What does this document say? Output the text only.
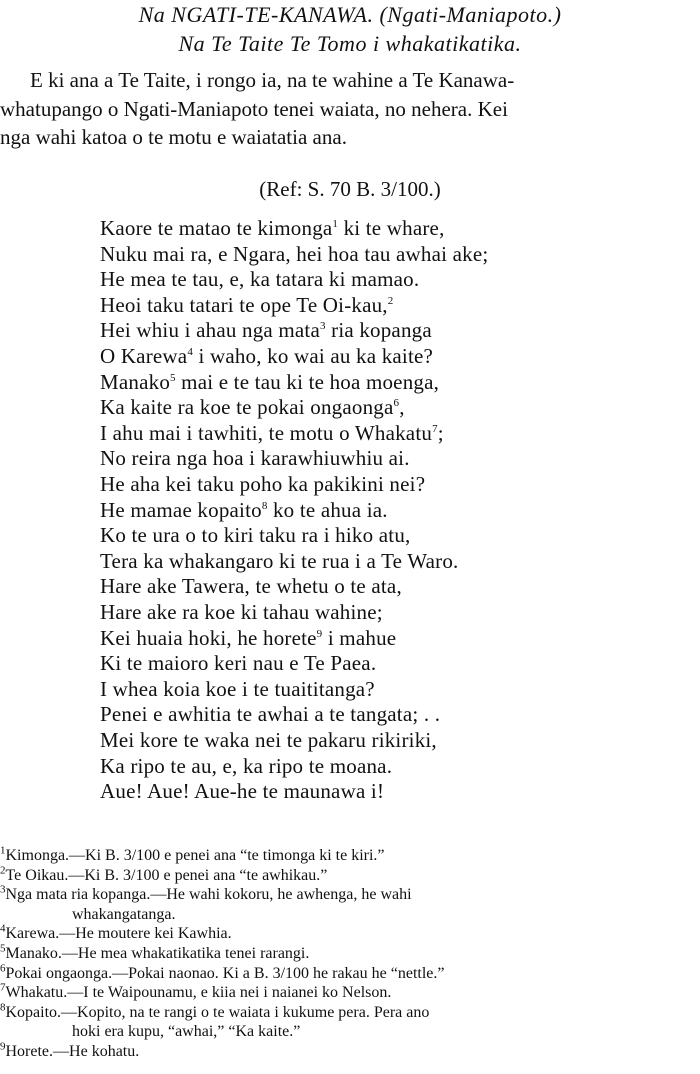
Na NGATI-TE-KANAWA. (Ngati-Maniapoto.)
Na Te Taite Te Tomo i whakatikatika.
E ki ana a Te Taite, i rongo ia, na te wahine a Te Kanawa-
whatupango o Ngati-Maniapoto tenei waiata, no nehera. Kei
nga wahi katoa o te motu e waiatatia ana.
(Ref: S. 70 B. 3/100.)
Kaore te matao te kimonga$^1$ ki te whare,
Nuku mai ra, e Ngara, hei hoa tau awhai ake;
He mea te tau, e, ka tatara ki mamao.
Heoi taku tatari te ope Te Oi-kau,$^2$
Hei whiu i ahau nga mata$^3$ ria kopanga
O Karewa$^4$ i waho, ko wai au ka kaite?
Manako$^5$ mai e te tau ki te hoa moenga,
Ka kaite ra koe te pokai ongaonga$^6$,
I ahu mai i tawhiti, te motu o Whakatu$^7$;
No reira nga hoa i karawhiuwhiu ai.
He aha kei taku poho ka pakikini nei?
He mamae kopaito$^8$ ko te ahua ia.
Ko te ura o to kiri taku ra i hiko atu,
Tera ka whakangaro ki te rua i a Te Waro.
Hare ake Tawera, te whetu o te ata,
Hare ake ra koe ki tahau wahine;
Kei huaia hoki, he horete$^9$ i mahue
Ki te maioro keri nau e Te Paea.
I whea koia koe i te tuaititanga?
Penei e awhitia te awhai a te tangata; . .
Mei kore te waka nei te pakaru rikiriki,
Ka ripo te au, e, ka ripo te moana.
Aue! Aue! Aue-he te maunawa i!
$^1$Kimonga.—Ki B. 3/100 e penei ana “te timonga ki te kiri.”
$^2$Te Oikau.—Ki B. 3/100 e penei ana “te awhikau.”
$^3$Nga mata ria kopanga.—He wahi kokoru, he awhenga, he wahi
whakangatanga.
$^4$Karewa.—He moutere kei Kawhia.
$^5$Manako.—He mea whakatikatika tenei rarangi.
$^6$Pokai ongaonga.—Pokai naonao. Ki a B. 3/100 he rakau he “nettle.”
$^7$Whakatu.—I te Waipounamu, e kiia nei i naianei ko Nelson.
$^8$Kopaito.—Kopito, na te rangi o te waiata i kukume pera. Pera ano
hoki era kupu, “awhai,” “Ka kaite.”
$^9$Horete.—He kohatu.
